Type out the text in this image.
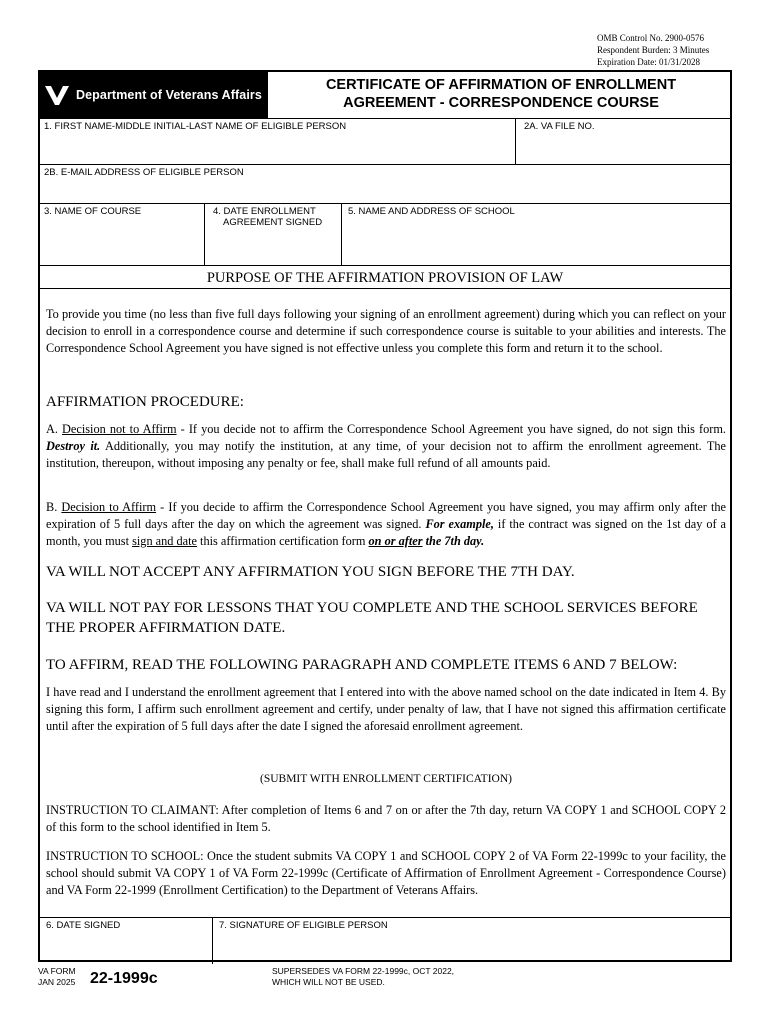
OMB Control No. 2900-0576
Respondent Burden: 3 Minutes
Expiration Date: 01/31/2028
Department of Veterans Affairs
CERTIFICATE OF AFFIRMATION OF ENROLLMENT
AGREEMENT - CORRESPONDENCE COURSE
1. FIRST NAME-MIDDLE INITIAL-LAST NAME OF ELIGIBLE PERSON	2A. VA FILE NO.
2B. E-MAIL ADDRESS OF ELIGIBLE PERSON
3. NAME OF COURSE	4. DATE ENROLLMENT
AGREEMENT SIGNED
5. NAME AND ADDRESS OF SCHOOL
PURPOSE OF THE AFFIRMATION PROVISION OF LAW
To provide you time (no less than five full days following your signing of an enrollment agreement) during which you can reflect on your decision to enroll in a correspondence course and determine if such correspondence course is suitable to your abilities and interests. The Correspondence School Agreement you have signed is not effective unless you complete this form and return it to the school.
AFFIRMATION PROCEDURE:
A. Decision not to Affirm - If you decide not to affirm the Correspondence School Agreement you have signed, do not sign this form. Destroy it. Additionally, you may notify the institution, at any time, of your decision not to affirm the enrollment agreement. The institution, thereupon, without imposing any penalty or fee, shall make full refund of all amounts paid.
B. Decision to Affirm - If you decide to affirm the Correspondence School Agreement you have signed, you may affirm only after the expiration of 5 full days after the day on which the agreement was signed. For example, if the contract was signed on the 1st day of a month, you must sign and date this affirmation certification form on or after the 7th day.
VA WILL NOT ACCEPT ANY AFFIRMATION YOU SIGN BEFORE THE 7TH DAY.
VA WILL NOT PAY FOR LESSONS THAT YOU COMPLETE AND THE SCHOOL SERVICES BEFORE THE PROPER AFFIRMATION DATE.
TO AFFIRM, READ THE FOLLOWING PARAGRAPH AND COMPLETE ITEMS 6 AND 7 BELOW:
I have read and I understand the enrollment agreement that I entered into with the above named school on the date indicated in Item 4. By signing this form, I affirm such enrollment agreement and certify, under penalty of law, that I have not signed this affirmation certificate until after the expiration of 5 full days after the date I signed the aforesaid enrollment agreement.
(SUBMIT WITH ENROLLMENT CERTIFICATION)
INSTRUCTION TO CLAIMANT: After completion of Items 6 and 7 on or after the 7th day, return VA COPY 1 and SCHOOL COPY 2 of this form to the school identified in Item 5.
INSTRUCTION TO SCHOOL: Once the student submits VA COPY 1 and SCHOOL COPY 2 of VA Form 22-1999c to your facility, the school should submit VA COPY 1 of VA Form 22-1999c (Certificate of Affirmation of Enrollment Agreement - Correspondence Course) and VA Form 22-1999 (Enrollment Certification) to the Department of Veterans Affairs.
6. DATE SIGNED	7. SIGNATURE OF ELIGIBLE PERSON
VA FORM
JAN 2025 22-1999c	SUPERSEDES VA FORM 22-1999c, OCT 2022,
WHICH WILL NOT BE USED.
